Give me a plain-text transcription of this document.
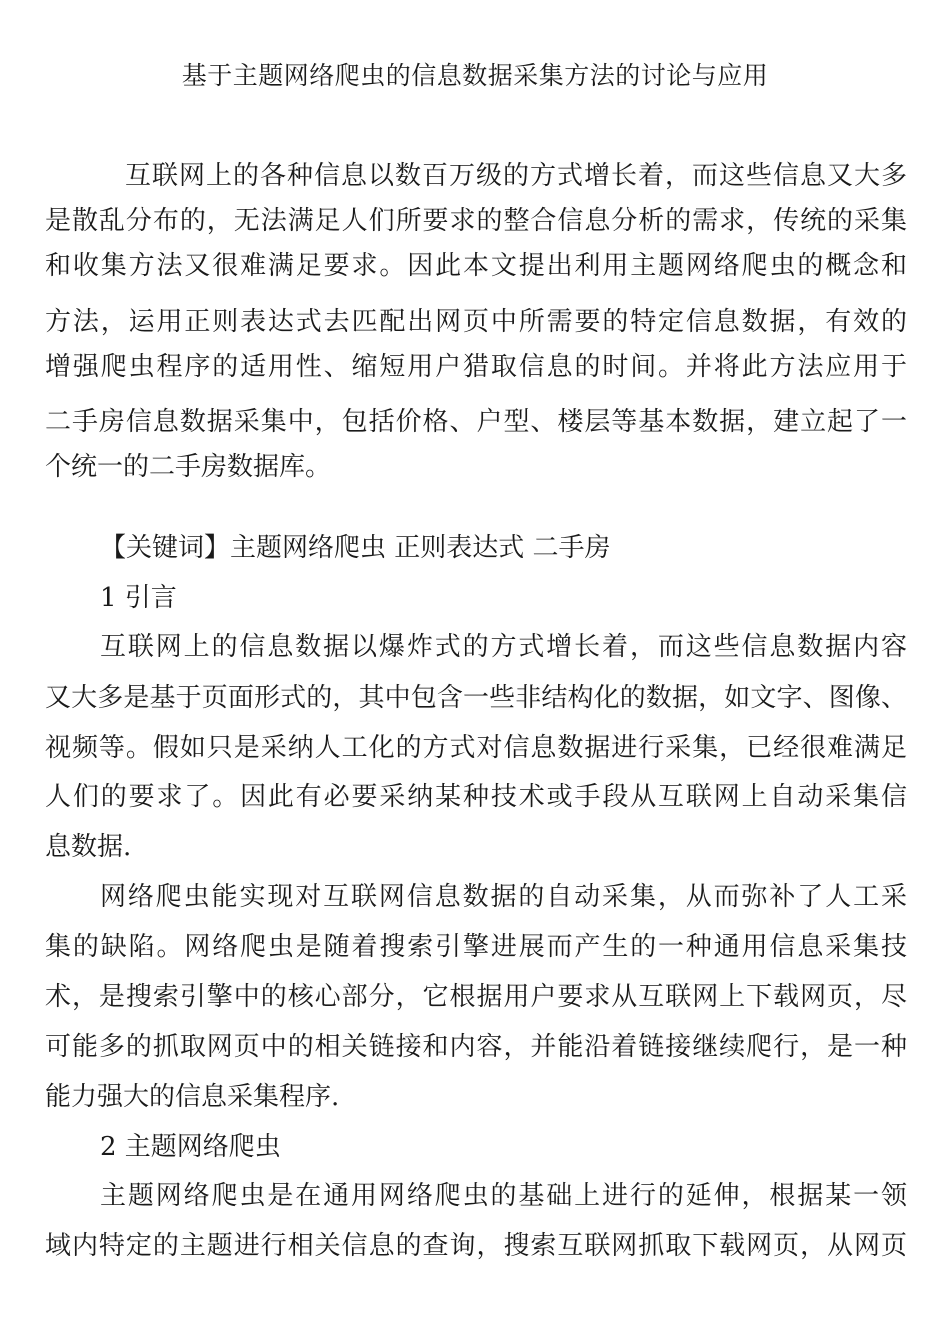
基于主题网络爬虫的信息数据采集方法的讨论与应用
互联网上的各种信息以数百万级的方式增长着，而这些信息又大多
是散乱分布的，无法满足人们所要求的整合信息分析的需求，传统的采集
和收集方法又很难满足要求。因此本文提出利用主题网络爬虫的概念和
方法，运用正则表达式去匹配出网页中所需要的特定信息数据，有效的
增强爬虫程序的适用性、缩短用户猎取信息的时间。并将此方法应用于
二手房信息数据采集中，包括价格、户型、楼层等基本数据，建立起了一
个统一的二手房数据库。
【关键词】主题网络爬虫 正则表达式 二手房
1 引言
互联网上的信息数据以爆炸式的方式增长着，而这些信息数据内容
又大多是基于页面形式的，其中包含一些非结构化的数据，如文字、图像、
视频等。假如只是采纳人工化的方式对信息数据进行采集，已经很难满足
人们的要求了。因此有必要采纳某种技术或手段从互联网上自动采集信
息数据.
网络爬虫能实现对互联网信息数据的自动采集，从而弥补了人工采
集的缺陷。网络爬虫是随着搜索引擎进展而产生的一种通用信息采集技
术，是搜索引擎中的核心部分，它根据用户要求从互联网上下载网页，尽
可能多的抓取网页中的相关链接和内容，并能沿着链接继续爬行，是一种
能力强大的信息采集程序.
2 主题网络爬虫
主题网络爬虫是在通用网络爬虫的基础上进行的延伸，根据某一领
域内特定的主题进行相关信息的查询，搜索互联网抓取下载网页，从网页
